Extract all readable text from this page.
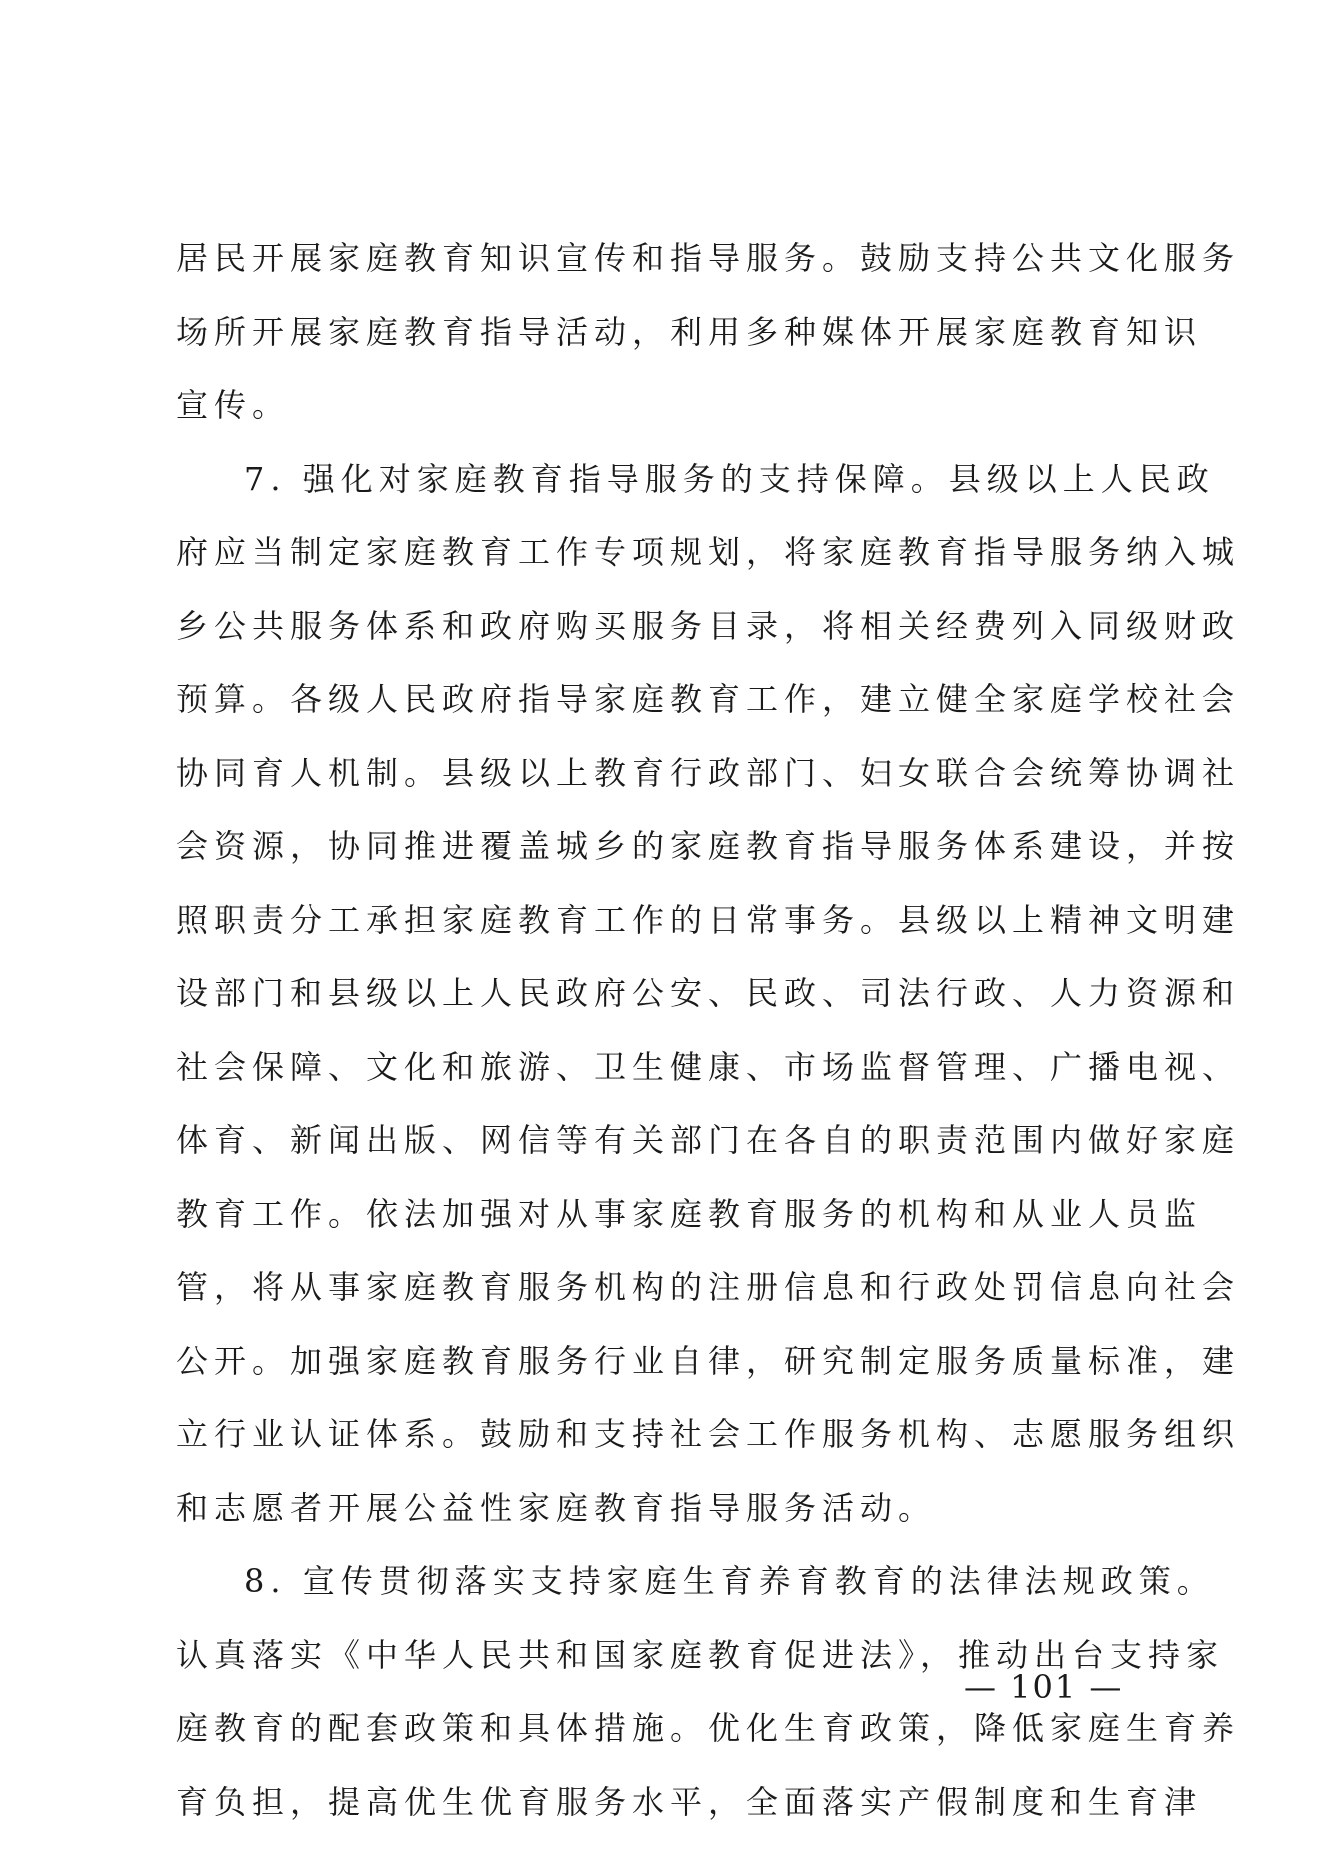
居民开展家庭教育知识宣传和指导服务。鼓励支持公共文化服务
场所开展家庭教育指导活动，利用多种媒体开展家庭教育知识
宣传。
7. 强化对家庭教育指导服务的支持保障。县级以上人民政
府应当制定家庭教育工作专项规划，将家庭教育指导服务纳入城
乡公共服务体系和政府购买服务目录，将相关经费列入同级财政
预算。各级人民政府指导家庭教育工作，建立健全家庭学校社会
协同育人机制。县级以上教育行政部门、妇女联合会统筹协调社
会资源，协同推进覆盖城乡的家庭教育指导服务体系建设，并按
照职责分工承担家庭教育工作的日常事务。县级以上精神文明建
设部门和县级以上人民政府公安、民政、司法行政、人力资源和
社会保障、文化和旅游、卫生健康、市场监督管理、广播电视、
体育、新闻出版、网信等有关部门在各自的职责范围内做好家庭
教育工作。依法加强对从事家庭教育服务的机构和从业人员监
管，将从事家庭教育服务机构的注册信息和行政处罚信息向社会
公开。加强家庭教育服务行业自律，研究制定服务质量标准，建
立行业认证体系。鼓励和支持社会工作服务机构、志愿服务组织
和志愿者开展公益性家庭教育指导服务活动。
8. 宣传贯彻落实支持家庭生育养育教育的法律法规政策。
认真落实《中华人民共和国家庭教育促进法》，推动出台支持家
庭教育的配套政策和具体措施。优化生育政策，降低家庭生育养
育负担，提高优生优育服务水平，全面落实产假制度和生育津
— 101 —
